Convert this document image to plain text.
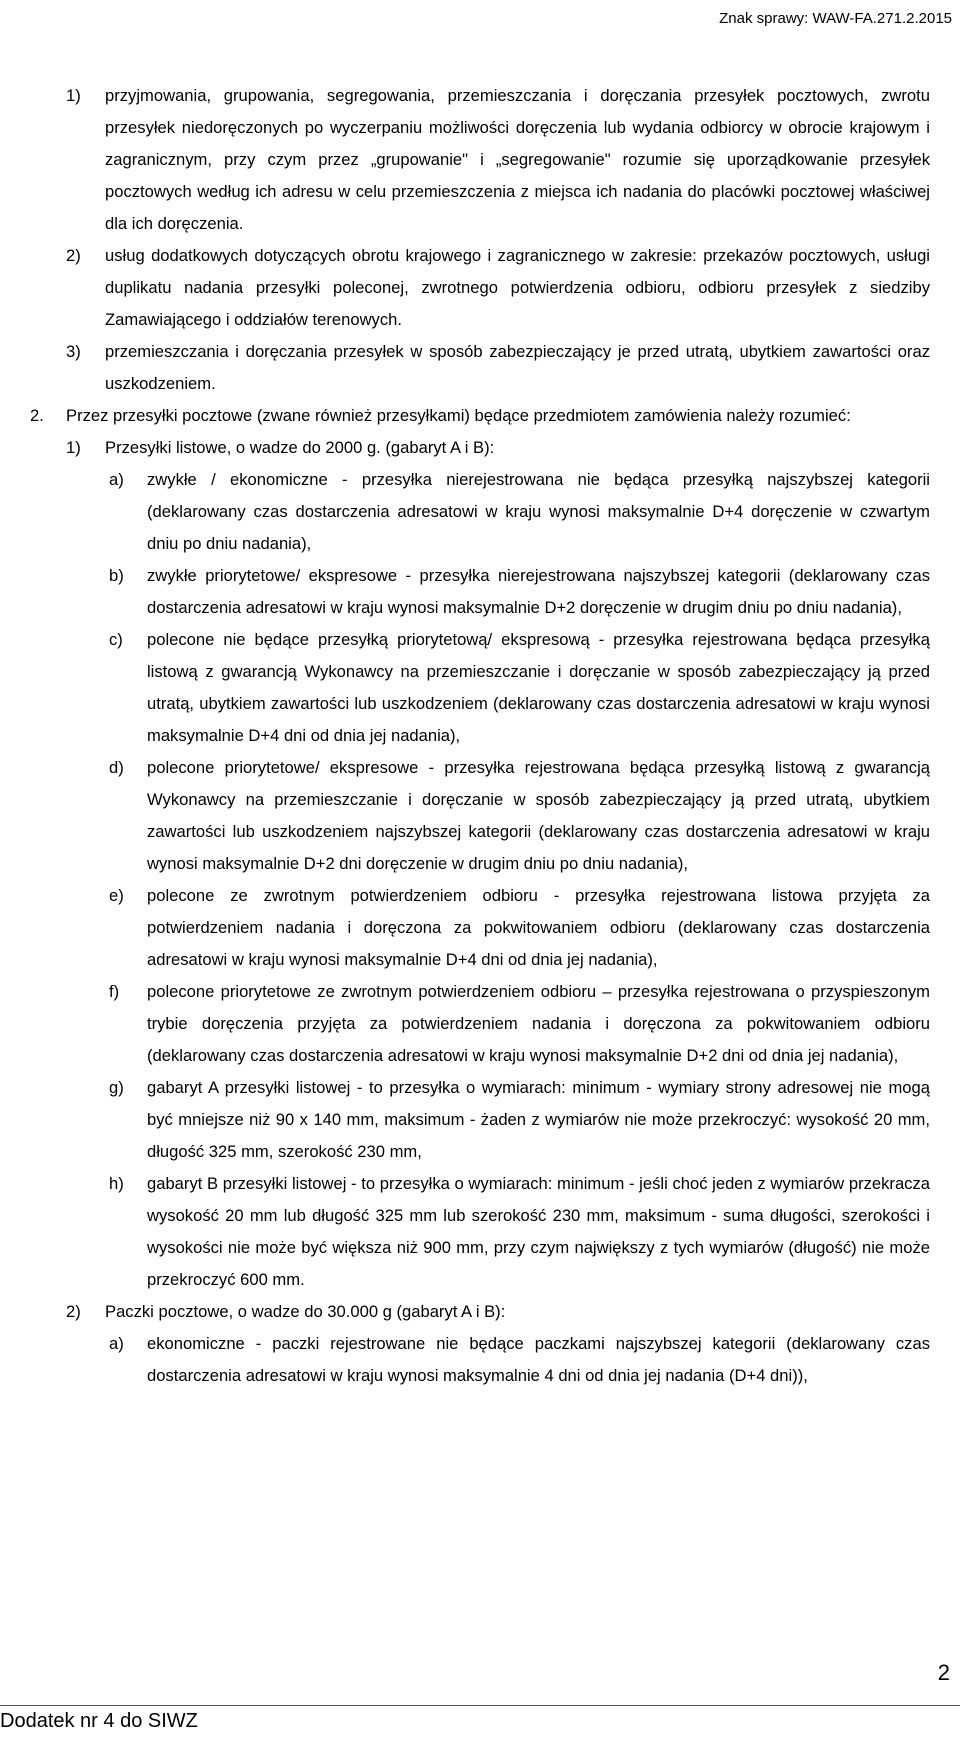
Znak sprawy: WAW-FA.271.2.2015
1) przyjmowania, grupowania, segregowania, przemieszczania i doręczania przesyłek pocztowych, zwrotu przesyłek niedoręczonych po wyczerpaniu możliwości doręczenia lub wydania odbiorcy w obrocie krajowym i zagranicznym, przy czym przez „grupowanie" i „segregowanie" rozumie się uporządkowanie przesyłek pocztowych według ich adresu w celu przemieszczenia z miejsca ich nadania do placówki pocztowej właściwej dla ich doręczenia.
2) usług dodatkowych dotyczących obrotu krajowego i zagranicznego w zakresie: przekazów pocztowych, usługi duplikatu nadania przesyłki poleconej, zwrotnego potwierdzenia odbioru, odbioru przesyłek z siedziby Zamawiającego i oddziałów terenowych.
3) przemieszczania i doręczania przesyłek w sposób zabezpieczający je przed utratą, ubytkiem zawartości oraz uszkodzeniem.
2. Przez przesyłki pocztowe (zwane również przesyłkami) będące przedmiotem zamówienia należy rozumieć:
1) Przesyłki listowe, o wadze do 2000 g. (gabaryt A i B):
a) zwykłe / ekonomiczne - przesyłka nierejestrowana nie będąca przesyłką najszybszej kategorii (deklarowany czas dostarczenia adresatowi w kraju wynosi maksymalnie D+4 doręczenie w czwartym dniu po dniu nadania),
b) zwykłe priorytetowe/ ekspresowe - przesyłka nierejestrowana najszybszej kategorii (deklarowany czas dostarczenia adresatowi w kraju wynosi maksymalnie D+2 doręczenie w drugim dniu po dniu nadania),
c) polecone nie będące przesyłką priorytetową/ ekspresową - przesyłka rejestrowana będąca przesyłką listową z gwarancją Wykonawcy na przemieszczanie i doręczanie w sposób zabezpieczający ją przed utratą, ubytkiem zawartości lub uszkodzeniem (deklarowany czas dostarczenia adresatowi w kraju wynosi maksymalnie D+4 dni od dnia jej nadania),
d) polecone priorytetowe/ ekspresowe - przesyłka rejestrowana będąca przesyłką listową z gwarancją Wykonawcy na przemieszczanie i doręczanie w sposób zabezpieczający ją przed utratą, ubytkiem zawartości lub uszkodzeniem najszybszej kategorii (deklarowany czas dostarczenia adresatowi w kraju wynosi maksymalnie D+2 dni doręczenie w drugim dniu po dniu nadania),
e) polecone ze zwrotnym potwierdzeniem odbioru - przesyłka rejestrowana listowa przyjęta za potwierdzeniem nadania i doręczona za pokwitowaniem odbioru (deklarowany czas dostarczenia adresatowi w kraju wynosi maksymalnie D+4 dni od dnia jej nadania),
f) polecone priorytetowe ze zwrotnym potwierdzeniem odbioru – przesyłka rejestrowana o przyspieszonym trybie doręczenia przyjęta za potwierdzeniem nadania i doręczona za pokwitowaniem odbioru (deklarowany czas dostarczenia adresatowi w kraju wynosi maksymalnie D+2 dni od dnia jej nadania),
g) gabaryt A przesyłki listowej - to przesyłka o wymiarach: minimum - wymiary strony adresowej nie mogą być mniejsze niż 90 x 140 mm, maksimum - żaden z wymiarów nie może przekroczyć: wysokość 20 mm, długość 325 mm, szerokość 230 mm,
h) gabaryt B przesyłki listowej - to przesyłka o wymiarach: minimum - jeśli choć jeden z wymiarów przekracza wysokość 20 mm lub długość 325 mm lub szerokość 230 mm, maksimum - suma długości, szerokości i wysokości nie może być większa niż 900 mm, przy czym największy z tych wymiarów (długość) nie może przekroczyć 600 mm.
2) Paczki pocztowe, o wadze do 30.000 g (gabaryt A i B):
a) ekonomiczne - paczki rejestrowane nie będące paczkami najszybszej kategorii (deklarowany czas dostarczenia adresatowi w kraju wynosi maksymalnie 4 dni od dnia jej nadania (D+4 dni)),
2
Dodatek nr 4 do SIWZ
